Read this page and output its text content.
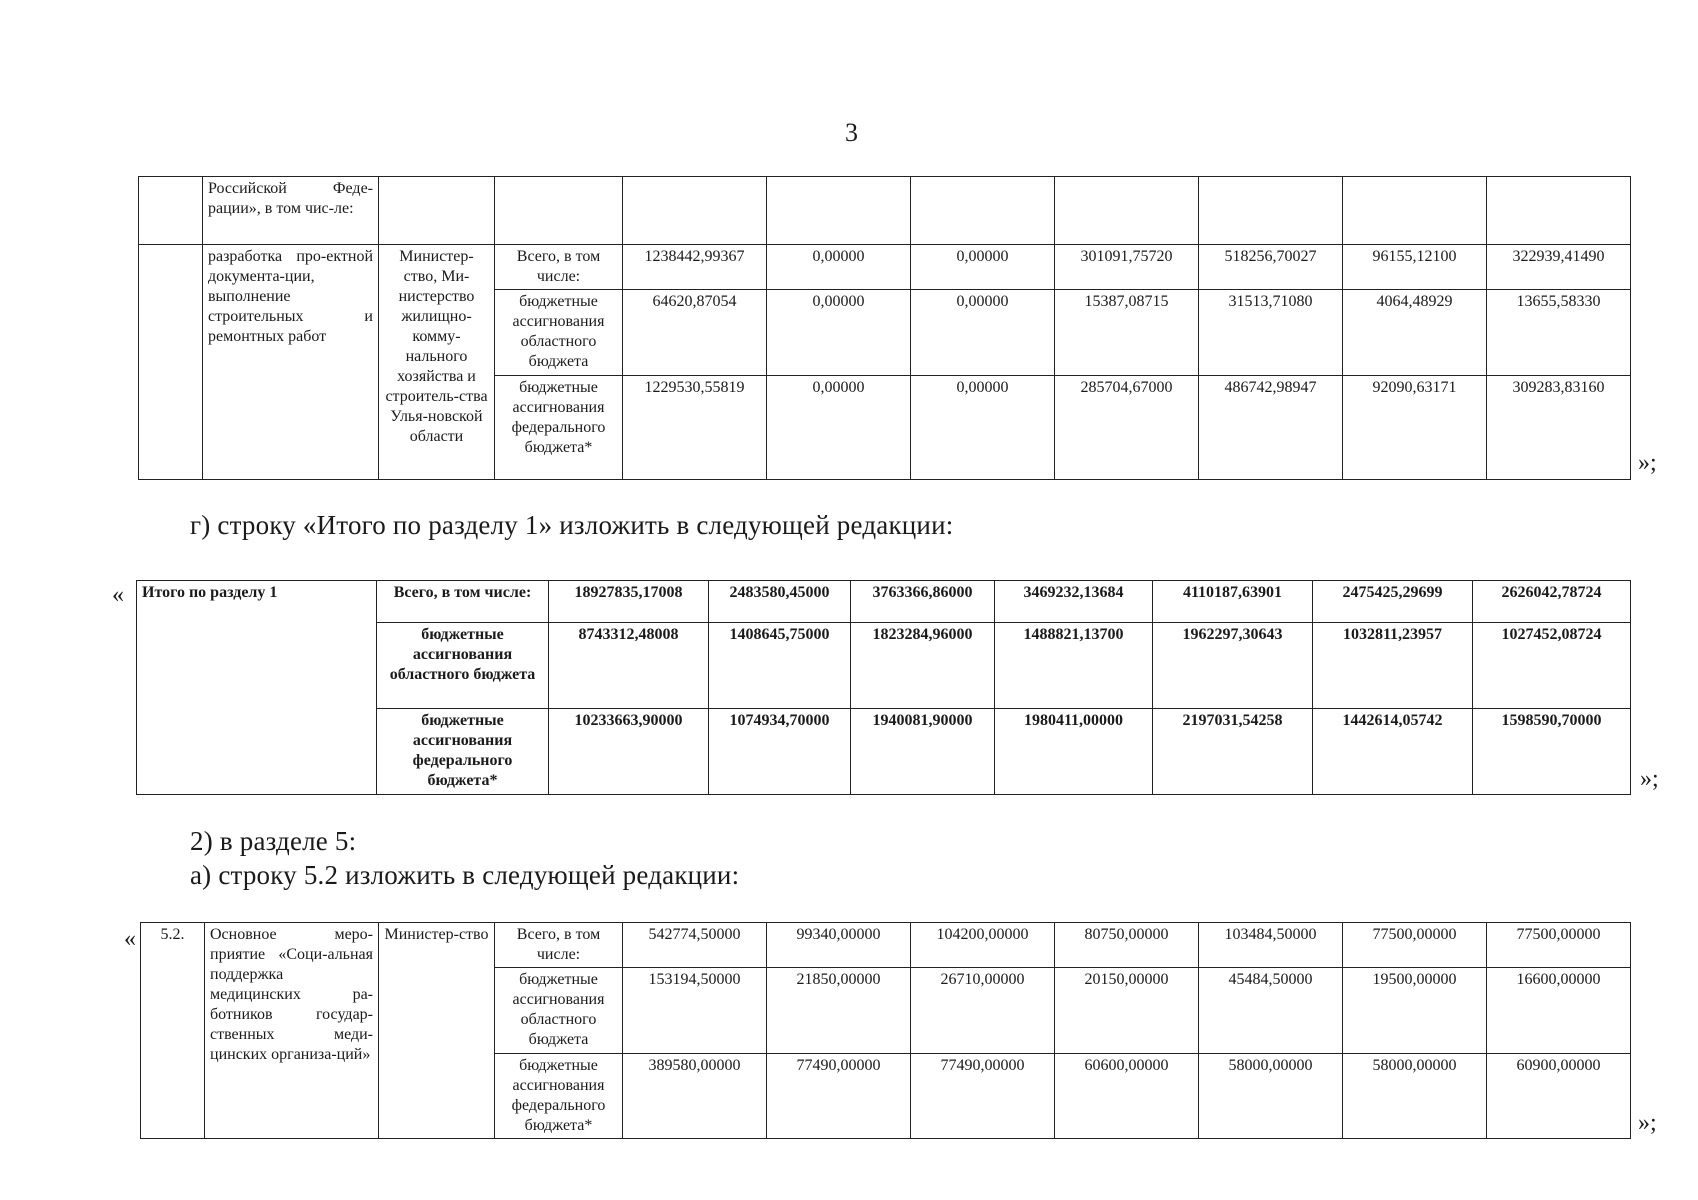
3
	Российской Феде-рации», в том чис-ле:									
	разработка про-ектной документа-ции, выполнение строительных и ремонтных работ	Министер-ство, Ми-нистерство жилищно-комму-нального хозяйства и строитель-ства Улья-новской области	Всего, в том числе:	1238442,99367	0,00000	0,00000	301091,75720	518256,70027	96155,12100	322939,41490
			бюджетные ассигнования областного бюджета	64620,87054	0,00000	0,00000	15387,08715	31513,71080	4064,48929	13655,58330
			бюджетные ассигнования федерального бюджета*	1229530,55819	0,00000	0,00000	285704,67000	486742,98947	92090,63171	309283,83160
»;
г) строку «Итого по разделу 1» изложить в следующей редакции:
« Итого по разделу 1	Всего, в том числе:	18927835,17008	2483580,45000	3763366,86000	3469232,13684	4110187,63901	2475425,29699	2626042,78724
	бюджетные ассигнования областного бюджета	8743312,48008	1408645,75000	1823284,96000	1488821,13700	1962297,30643	1032811,23957	1027452,08724
	бюджетные ассигнования федерального бюджета*	10233663,90000	1074934,70000	1940081,90000	1980411,00000	2197031,54258	1442614,05742	1598590,70000
»;
2) в разделе 5:
а) строку 5.2 изложить в следующей редакции:
« 5.2.	Основное меро-приятие «Соци-альная поддержка медицинских ра-ботников государ-ственных меди-цинских организа-ций»	Министер-ство	Всего, в том числе:	542774,50000	99340,00000	104200,00000	80750,00000	103484,50000	77500,00000	77500,00000
			бюджетные ассигнования областного бюджета	153194,50000	21850,00000	26710,00000	20150,00000	45484,50000	19500,00000	16600,00000
			бюджетные ассигнования федерального бюджета*	389580,00000	77490,00000	77490,00000	60600,00000	58000,00000	58000,00000	60900,00000
»;
